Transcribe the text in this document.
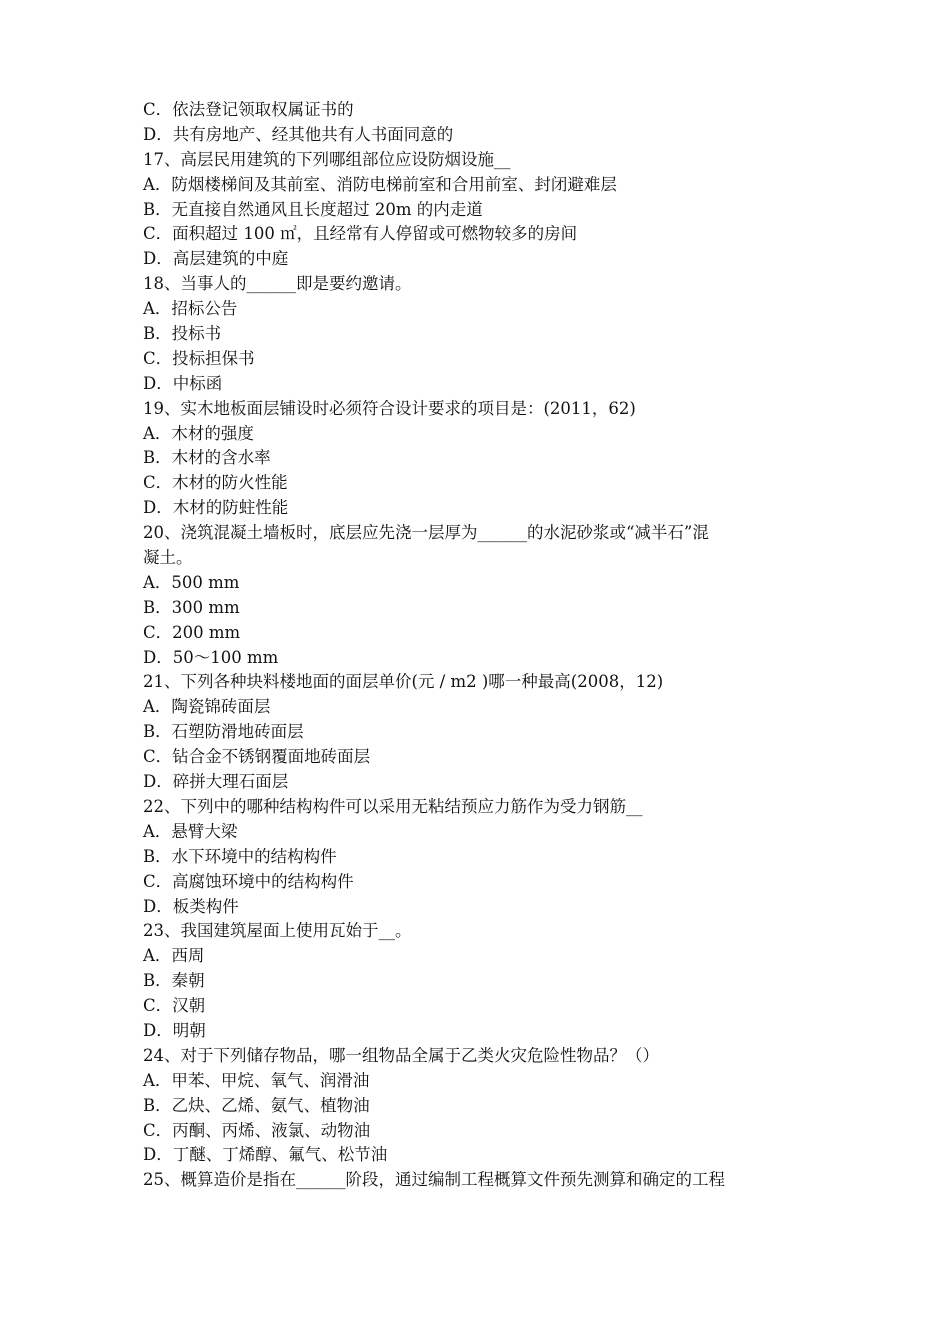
C．依法登记领取权属证书的
D．共有房地产、经其他共有人书面同意的
17、高层民用建筑的下列哪组部位应设防烟设施__
A．防烟楼梯间及其前室、消防电梯前室和合用前室、封闭避难层
B．无直接自然通风且长度超过 20m 的内走道
C．面积超过 100 ㎡，且经常有人停留或可燃物较多的房间
D．高层建筑的中庭
18、当事人的______即是要约邀请。
A．招标公告
B．投标书
C．投标担保书
D．中标函
19、实木地板面层铺设时必须符合设计要求的项目是：(2011，62)
A．木材的强度
B．木材的含水率
C．木材的防火性能
D．木材的防蛀性能
20、浇筑混凝土墙板时，底层应先浇一层厚为______的水泥砂浆或“减半石”混
凝土。
A．500 mm
B．300 mm
C．200 mm
D．50～100 mm
21、下列各种块料楼地面的面层单价(元 / m2 )哪一种最高(2008，12)
A．陶瓷锦砖面层
B．石塑防滑地砖面层
C．钻合金不锈钢覆面地砖面层
D．碎拼大理石面层
22、下列中的哪种结构构件可以采用无粘结预应力筋作为受力钢筋__
A．悬臂大梁
B．水下环境中的结构构件
C．高腐蚀环境中的结构构件
D．板类构件
23、我国建筑屋面上使用瓦始于__。
A．西周
B．秦朝
C．汉朝
D．明朝
24、对于下列储存物品，哪一组物品全属于乙类火灾危险性物品？（）
A．甲苯、甲烷、氧气、润滑油
B．乙炔、乙烯、氨气、植物油
C．丙酮、丙烯、液氯、动物油
D．丁醚、丁烯醇、氟气、松节油
25、概算造价是指在______阶段，通过编制工程概算文件预先测算和确定的工程
